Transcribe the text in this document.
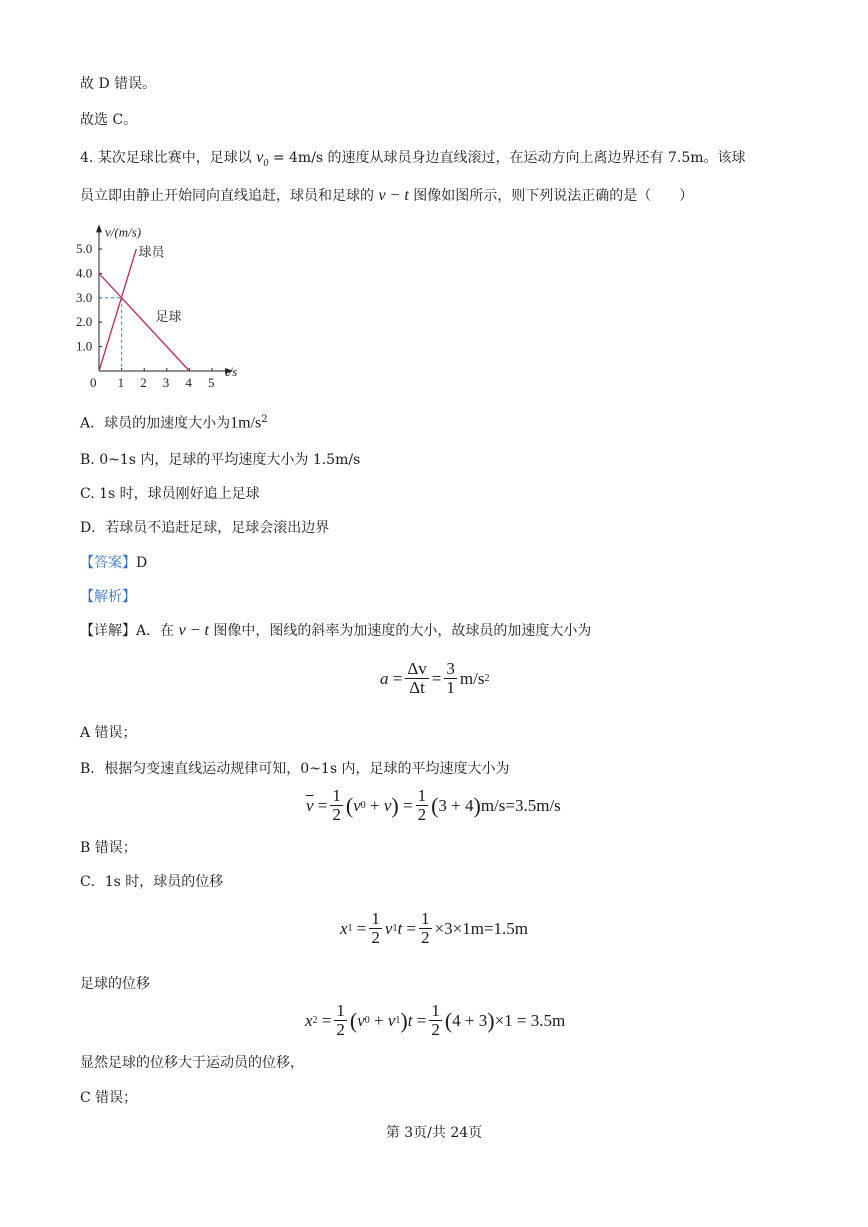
故 D 错误。
故选 C。
4. 某次足球比赛中，足球以 $v_0 = 4m/s$ 的速度从球员身边直线滚过，在运动方向上离边界还有 7.5m。该球
员立即由静止开始同向直线追赶，球员和足球的 v − t 图像如图所示，则下列说法正确的是（　　）
0 1 2 3 4 5
1.0
2.0
3.0
4.0
5.0
v/(m/s)
t/s
球员
足球
A．球员的加速度大小为$1m/s^2$
B. 0~1s 内，足球的平均速度大小为 1.5m/s
C. 1s 时，球员刚好追上足球
D．若球员不追赶足球，足球会滚出边界
【答案】D
【解析】
【详解】A．在 v − t 图像中，图线的斜率为加速度的大小，故球员的加速度大小为
$a = \frac{\Delta v}{\Delta t} = \frac{3}{1} m/s$ 2
A 错误；
B．根据匀变速直线运动规律可知，0~1s 内，足球的平均速度大小为
$\overline{v} = \frac{1}{2}$ ( v 0 + v ) = $\frac{1}{2}$ ( 3 + 4 ) m/s=3.5m/s
B 错误；
C．1s 时，球员的位移
x $1 = \frac{1}{2}$ v 1 $t = \frac{1}{2} \times 3\times 1m=1.5m$
足球的位移
x $2 = \frac{1}{2}$ ( v 0 + v 1 ) $t = \frac{1}{2}$ ( 4 + 3 ) ×1 = 3.5m
显然足球的位移大于运动员的位移，
C 错误；
第 3页/共 24页
